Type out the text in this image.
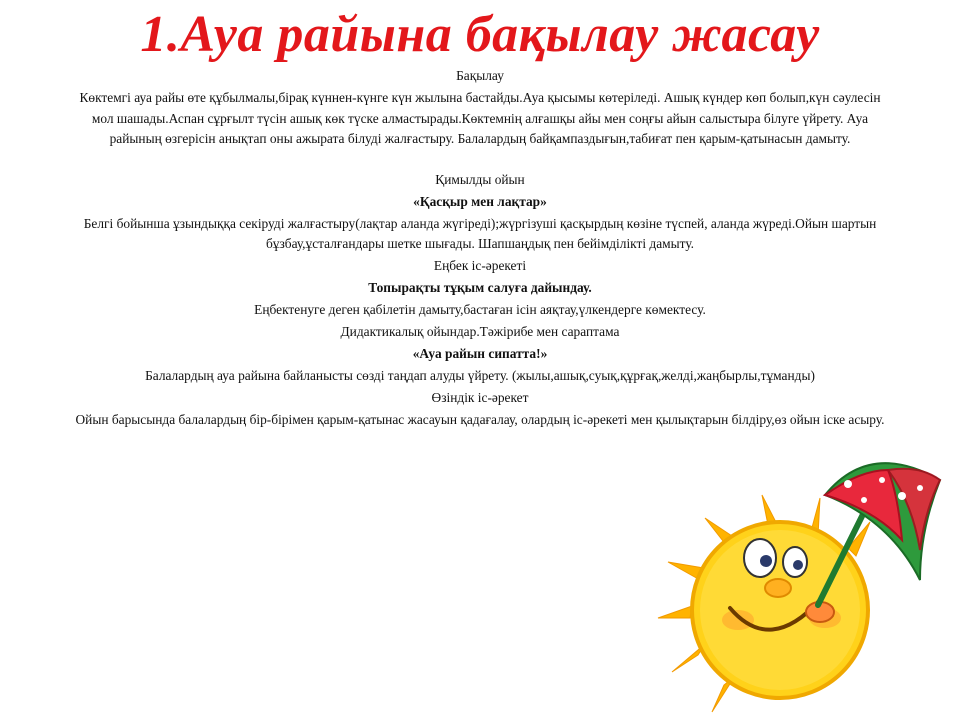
1.Ауа райына бақылау жасау

Бақылау

Көктемгі ауа райы өте құбылмалы,бірақ күннен-күнге күн жылына бастайды.Ауа қысымы көтеріледі. Ашық күндер көп болып,күн сәулесін мол шашады.Аспан сұрғылт түсін ашық көк түске алмастырады.Көктемнің алғашқы айы мен соңғы айын салыстыра білуге үйрету. Ауа райының өзгерісін анықтап оны ажырата білуді жалғастыру. Балалардың байқампаздығын,табиғат пен қарым-қатынасын дамыту.

Қимылды ойын

«Қасқыр мен лақтар»

Белгі бойынша ұзындыққа секіруді жалғастыру(лақтар аланда жүгіреді);жүргізуші қасқырдың көзіне түспей, аланда жүреді.Ойын шартын бұзбау,ұсталғандары шетке шығады. Шапшаңдық пен бейімділікті дамыту.

Еңбек іс-әрекеті

Топырақты тұқым салуға дайындау.

Еңбектенуге деген қабілетін дамыту,бастаған ісін аяқтау,үлкендерге көмектесу.

Дидактикалық ойындар.Тәжірибе мен сараптама

«Ауа райын сипатта!»

Балалардың ауа райына байланысты сөзді таңдап алуды үйрету. (жылы,ашық,суық,құрғақ,желді,жаңбырлы,тұманды)

Өзіндік іс-әрекет

Ойын барысында балалардың бір-бірімен қарым-қатынас жасауын қадағалау, олардың іс-әрекеті мен қылықтарын білдіру,өз ойын іске асыру.
